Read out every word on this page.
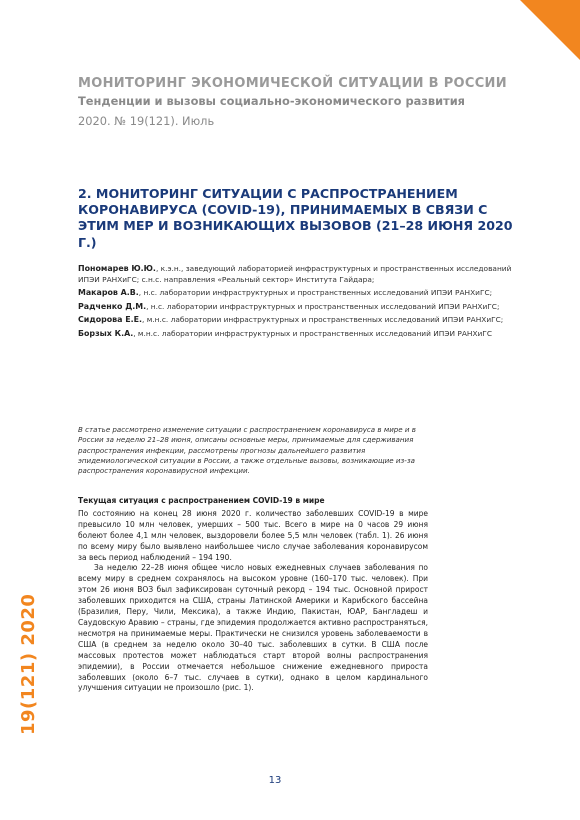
19(121) 2020
МОНИТОРИНГ ЭКОНОМИЧЕСКОЙ СИТУАЦИИ В РОССИИ
Тенденции и вызовы социально-экономического развития
2020. № 19(121). Июль
2. МОНИТОРИНГ СИТУАЦИИ С РАСПРОСТРАНЕНИЕМ КОРОНАВИРУСА (COVID-19), ПРИНИМАЕМЫХ В СВЯЗИ С ЭТИМ МЕР И ВОЗНИКАЮЩИХ ВЫЗОВОВ (21–28 ИЮНЯ 2020 Г.)
Пономарев Ю.Ю., к.э.н., заведующий лабораторией инфраструктурных и пространственных исследований ИПЭИ РАНХиГС; с.н.с. направления «Реальный сектор» Института Гайдара;
Макаров А.В., н.с. лаборатории инфраструктурных и пространственных исследований ИПЭИ РАНХиГС;
Радченко Д.М., н.с. лаборатории инфраструктурных и пространственных исследований ИПЭИ РАНХиГС;
Сидорова Е.Е., м.н.с. лаборатории инфраструктурных и пространственных исследований ИПЭИ РАНХиГС;
Борзых К.А., м.н.с. лаборатории инфраструктурных и пространственных исследований ИПЭИ РАНХиГС
В статье рассмотрено изменение ситуации с распространением коронавируса в мире и в России за неделю 21–28 июня, описаны основные меры, принимаемые для сдерживания распространения инфекции, рассмотрены прогнозы дальнейшего развития эпидемиологической ситуации в России, а также отдельные вызовы, возникающие из-за распространения коронавирусной инфекции.
Текущая ситуация с распространением COVID-19 в мире

По состоянию на конец 28 июня 2020 г. количество заболевших COVID-19 в мире превысило 10 млн человек, умерших – 500 тыс. Всего в мире на 0 часов 29 июня болеют более 4,1 млн человек, выздоровели более 5,5 млн человек (табл. 1). 26 июня по всему миру было выявлено наибольшее число случае заболевания коронавирусом за весь период наблюдений – 194 190.

За неделю 22–28 июня общее число новых ежедневных случаев заболевания по всему миру в среднем сохранялось на высоком уровне (160–170 тыс. человек). При этом 26 июня ВОЗ был зафиксирован суточный рекорд – 194 тыс. Основной прирост заболевших приходится на США, страны Латинской Америки и Карибского бассейна (Бразилия, Перу, Чили, Мексика), а также Индию, Пакистан, ЮАР, Бангладеш и Саудовскую Аравию – страны, где эпидемия продолжается активно распространяться, несмотря на принимаемые меры. Практически не снизился уровень заболеваемости в США (в среднем за неделю около 30–40 тыс. заболевших в сутки. В США после массовых протестов может наблюдаться старт второй волны распространения эпидемии), в России отмечается небольшое снижение ежедневного прироста заболевших (около 6–7 тыс. случаев в сутки), однако в целом кардинального улучшения ситуации не произошло (рис. 1).

13
